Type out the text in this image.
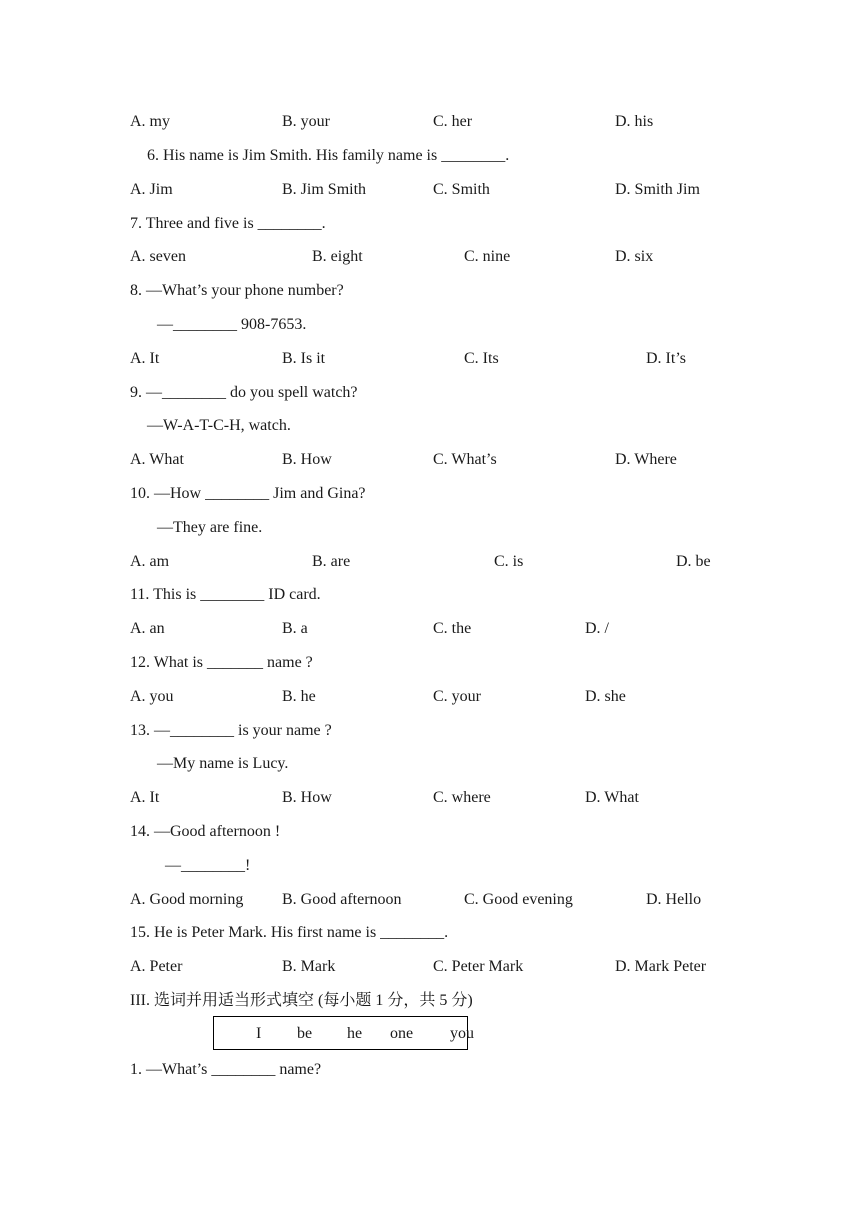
A. my	B. your	C. her	D. his
6. His name is Jim Smith. His family name is ________.
A. Jim	B. Jim Smith	C. Smith	D. Smith Jim
7. Three and five is ________.
A. seven	B. eight	C. nine	D. six
8. —What’s your phone number?
—________ 908-7653.
A. It	B. Is it	C. Its	D. It’s
9. —________ do you spell watch?
—W-A-T-C-H, watch.
A. What	B. How	C. What’s	D. Where
10. —How ________ Jim and Gina?
—They are fine.
A. am	B. are	C. is	D. be
11. This is ________ ID card.
A. an	B. a	C. the	D. /
12. What is _______ name ?
A. you	B. he	C. your	D. she
13. —________ is your name ?
—My name is Lucy.
A. It	B. How	C. where	D. What
14. —Good afternoon !
—________!
A. Good morning B. Good afternoon	C. Good evening	D. Hello
15. He is Peter Mark. His first name is ________.
A. Peter	B. Mark	C. Peter Mark	D. Mark Peter
III. 选词并用适当形式填空 (每小题 1 分，共 5 分)
1. —What’s ________ name?
I be he one you
